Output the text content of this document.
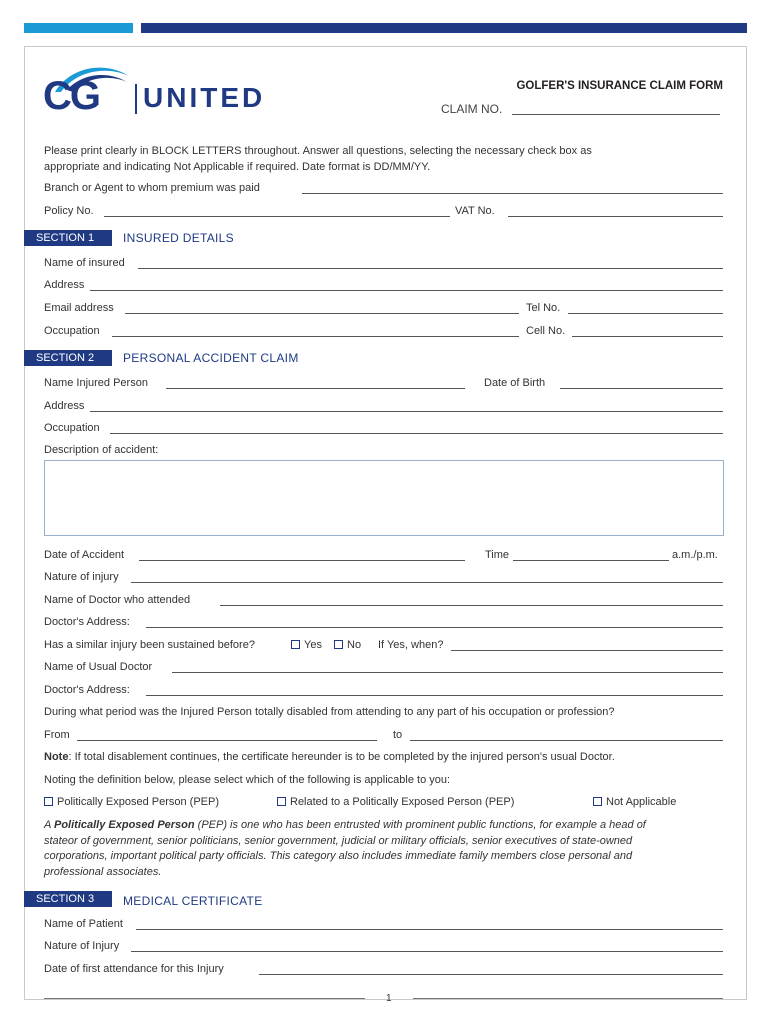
CG UNITED	GOLFER'S INSURANCE CLAIM FORM
CLAIM NO.
Please print clearly in BLOCK LETTERS throughout. Answer all questions, selecting the necessary check box as
appropriate and indicating Not Applicable if required. Date format is DD/MM/YY.
Branch or Agent to whom premium was paid
Policy No.	VAT No.
SECTION 1	INSURED DETAILS
Name of insured
Address
Email address	Tel No.
Occupation	Cell No.
SECTION 2	PERSONAL ACCIDENT CLAIM
Name Injured Person	Date of Birth
Address
Occupation
Description of accident:
Date of Accident	Time	a.m./p.m.
Nature of injury
Name of Doctor who attended
Doctor's Address:
Has a similar injury been sustained before?	Yes	No If Yes, when?
Name of Usual Doctor
Doctor's Address:
During what period was the Injured Person totally disabled from attending to any part of his occupation or profession?
From	to
Note: If total disablement continues, the certificate hereunder is to be completed by the injured person's usual Doctor.
Noting the definition below, please select which of the following is applicable to you:
Politically Exposed Person (PEP)	Related to a Politically Exposed Person (PEP)	Not Applicable
A Politically Exposed Person (PEP) is one who has been entrusted with prominent public functions, for example a head of
stateor of government, senior politicians, senior government, judicial or military officials, senior executives of state-owned
corporations, important political party officials. This category also includes immediate family members close personal and
professional associates.
SECTION 3	MEDICAL CERTIFICATE
Name of Patient
Nature of Injury
Date of first attendance for this Injury
1
